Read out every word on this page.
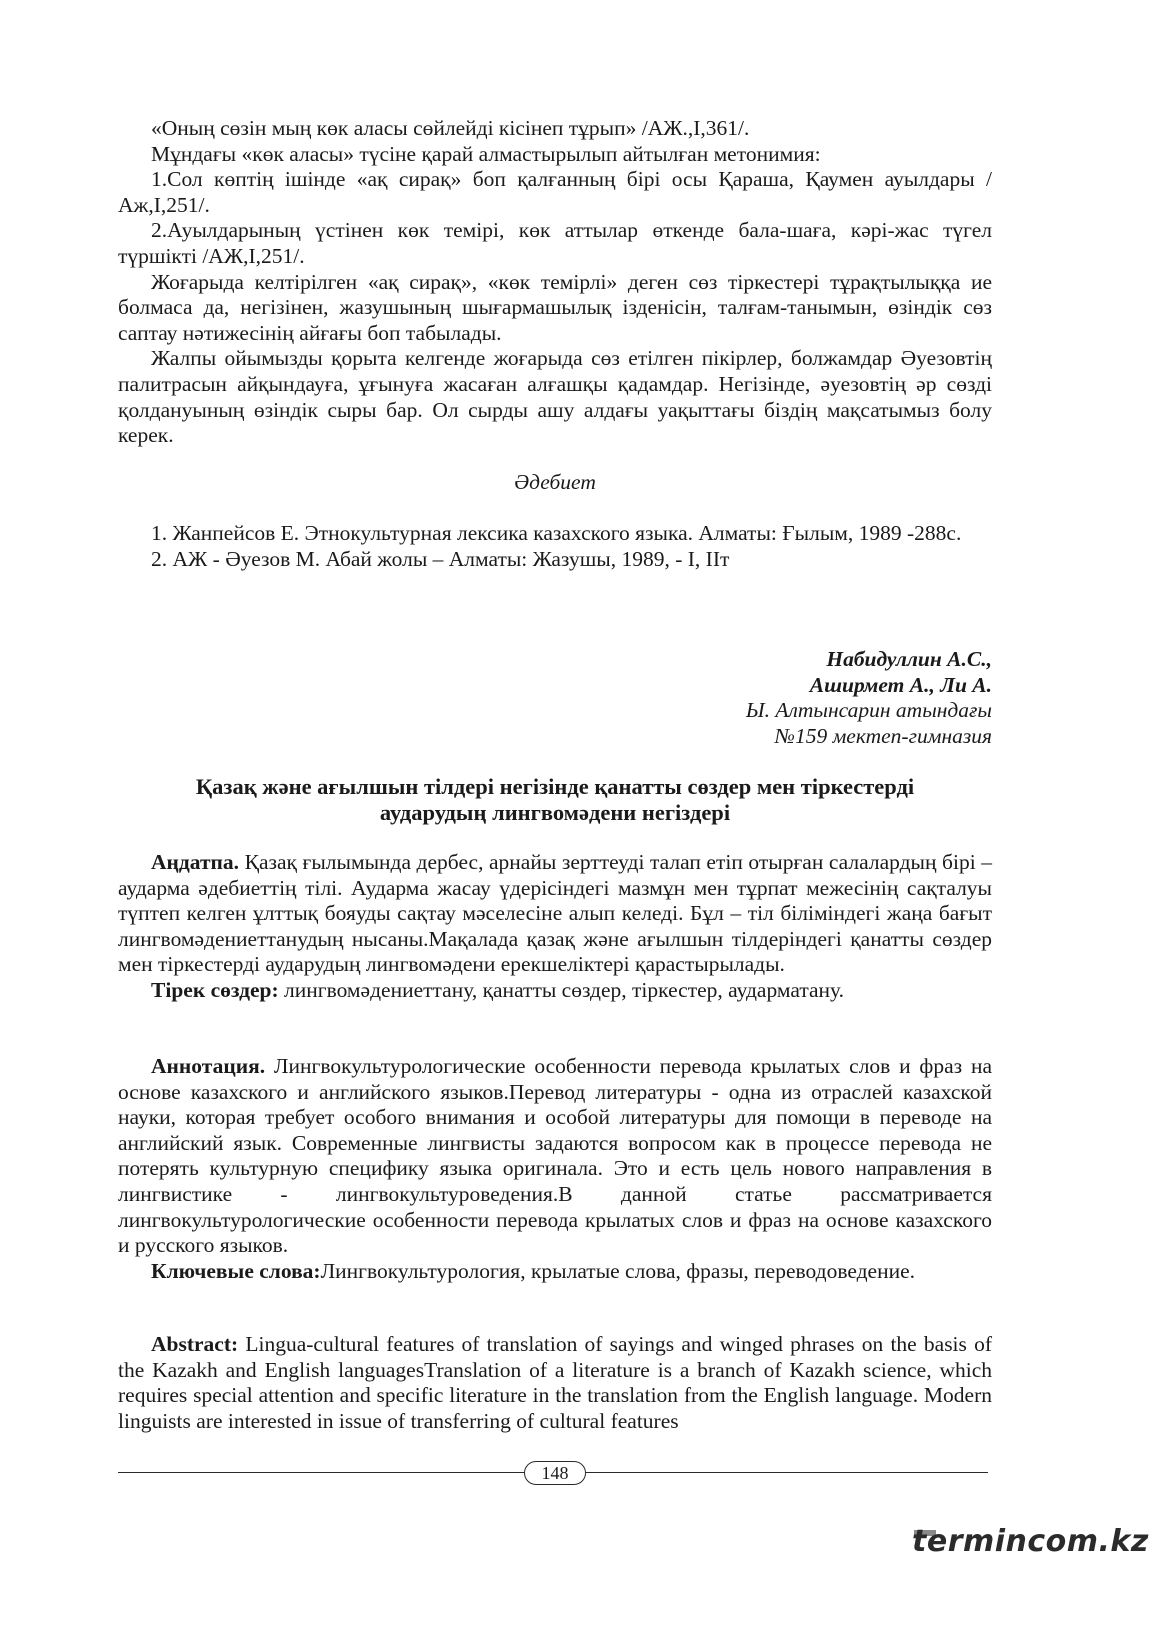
«Оның сөзін мың көк аласы сөйлейді кісінеп тұрып» /АЖ.,І,361/.

Мұндағы «көк аласы» түсіне қарай алмастырылып айтылған метонимия:

1.Сол көптің ішінде «ақ сирақ» боп қалғанның бірі осы Қараша, Қаумен ауылдары /Аж,І,251/.

2.Ауылдарының үстінен көк темірі, көк аттылар өткенде бала-шаға, кәрі-жас түгел түршікті /АЖ,І,251/.

Жоғарыда келтірілген «ақ сирақ», «көк темірлі» деген сөз тіркестері тұрақтылыққа ие болмаса да, негізінен, жазушының шығармашылық ізденісін, талғам-танымын, өзіндік сөз саптау нәтижесінің айғағы боп табылады.

Жалпы ойымызды қорыта келгенде жоғарыда сөз етілген пікірлер, болжамдар Әуезовтің палитрасын айқындауға, ұғынуға жасаған алғашқы қадамдар. Негізінде, әуезовтің әр сөзді қолдануының өзіндік сыры бар. Ол сырды ашу алдағы уақыттағы біздің мақсатымыз болу керек.

Әдебиет

1. Жанпейсов Е. Этнокультурная лексика казахского языка. Алматы: Ғылым, 1989 -288с.

2. АЖ - Әуезов М. Абай жолы – Алматы: Жазушы, 1989, - І, ІІт

Набидуллин А.С.,
Аширмет А., Ли А.
Ы. Алтынсарин атындағы
№159 мектеп-гимназия
Қазақ және ағылшын тілдері негізінде қанатты сөздер мен тіркестерді
аударудың лингвомәдени негіздері

Аңдатпа. Қазақ ғылымында дербес, арнайы зерттеуді талап етіп отырған салалардың бірі – аударма әдебиеттің тілі. Аударма жасау үдерісіндегі мазмұн мен тұрпат межесінің сақталуы түптеп келген ұлттық бояуды сақтау мәселесіне алып келеді. Бұл – тіл біліміндегі жаңа бағыт лингвомәдениеттанудың нысаны.Мақалада қазақ және ағылшын тілдеріндегі қанатты сөздер мен тіркестерді аударудың лингвомәдени ерекшеліктері қарастырылады.

Тірек сөздер: лингвомәдениеттану, қанатты сөздер, тіркестер, аударматану.

Аннотация. Лингвокультурологические особенности перевода крылатых слов и фраз на основе казахского и английского языков.Перевод литературы - одна из отраслей казахской науки, которая требует особого внимания и особой литературы для помощи в переводе на английский язык. Современные лингвисты задаются вопросом как в процессе перевода не потерять культурную специфику языка оригинала. Это и есть цель нового направления в лингвистике - лингвокультуроведения.В данной статье рассматривается лингвокультурологические особенности перевода крылатых слов и фраз на основе казахского и русского языков.

Ключевые слова:Лингвокультурология, крылатые слова, фразы, переводоведение.

Abstract: Lingua-cultural features of translation of sayings and winged phrases on the basis of the Kazakh and English languagesTranslation of a literature is a branch of Kazakh science, which requires special attention and specific literature in the translation from the English language. Modern linguists are interested in issue of transferring of cultural features

148
termincom.kz
